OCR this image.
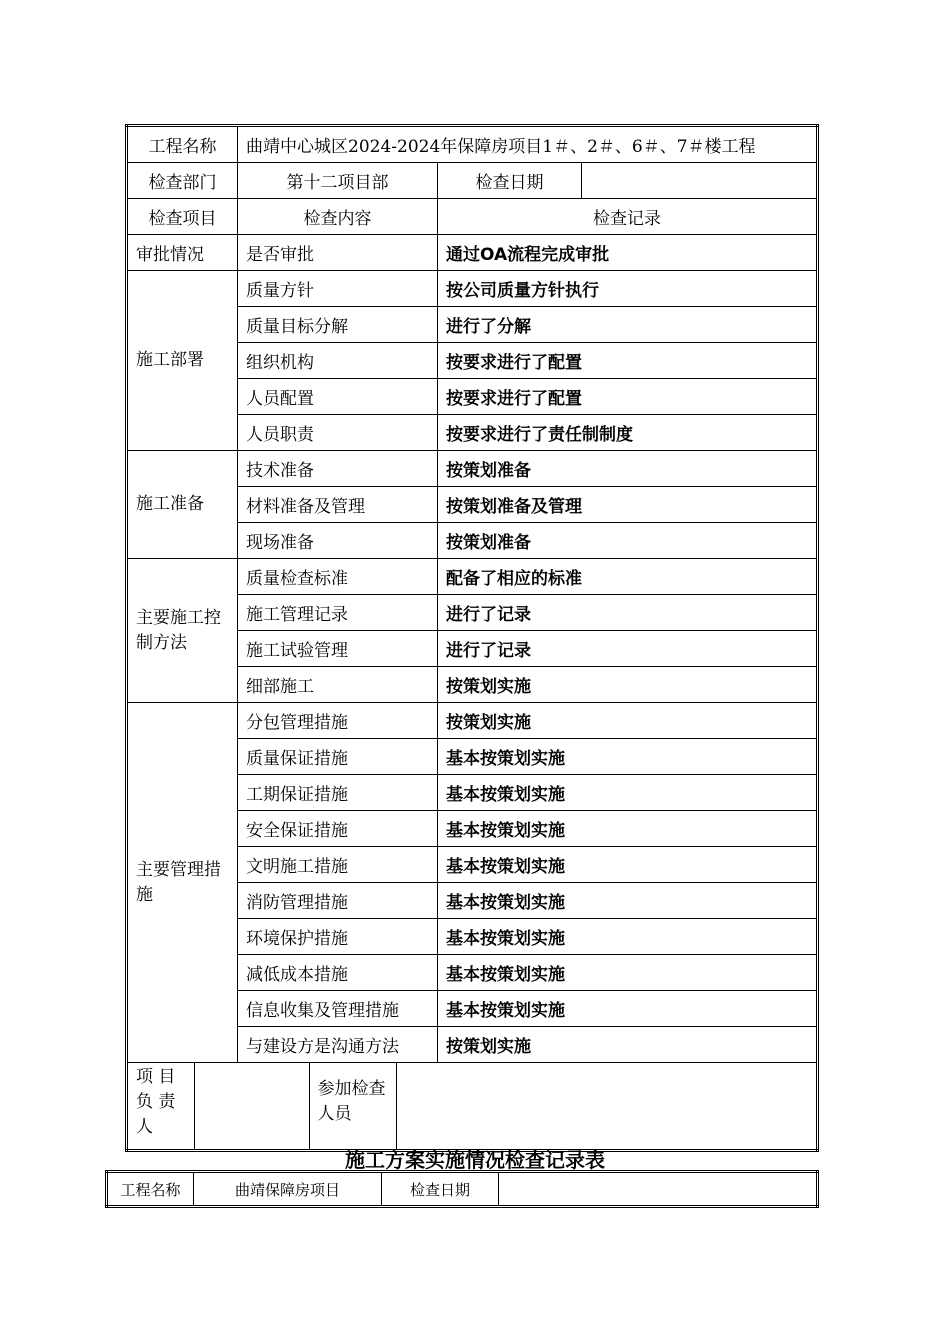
工程名称	曲靖中心城区2024-2024年保障房项目1＃、2＃、6＃、7＃楼工程
检查部门	第十二项目部	检查日期	
检查项目	检查内容	检查记录
审批情况	是否审批	通过OA流程完成审批
施工部署	质量方针	按公司质量方针执行
质量目标分解	进行了分解
组织机构	按要求进行了配置
人员配置	按要求进行了配置
人员职责	按要求进行了责任制制度
施工准备	技术准备	按策划准备
材料准备及管理	按策划准备及管理
现场准备	按策划准备
主要施工控制方法	质量检查标准	配备了相应的标准
施工管理记录	进行了记录
施工试验管理	进行了记录
细部施工	按策划实施
主要管理措施	分包管理措施	按策划实施
质量保证措施	基本按策划实施
工期保证措施	基本按策划实施
安全保证措施	基本按策划实施
文明施工措施	基本按策划实施
消防管理措施	基本按策划实施
环境保护措施	基本按策划实施
减低成本措施	基本按策划实施
信息收集及管理措施	基本按策划实施
与建设方是沟通方法	按策划实施

项 目 负 责 人		参加检查人员	
施工方案实施情况检查记录表
工程名称	曲靖保障房项目	检查日期	
